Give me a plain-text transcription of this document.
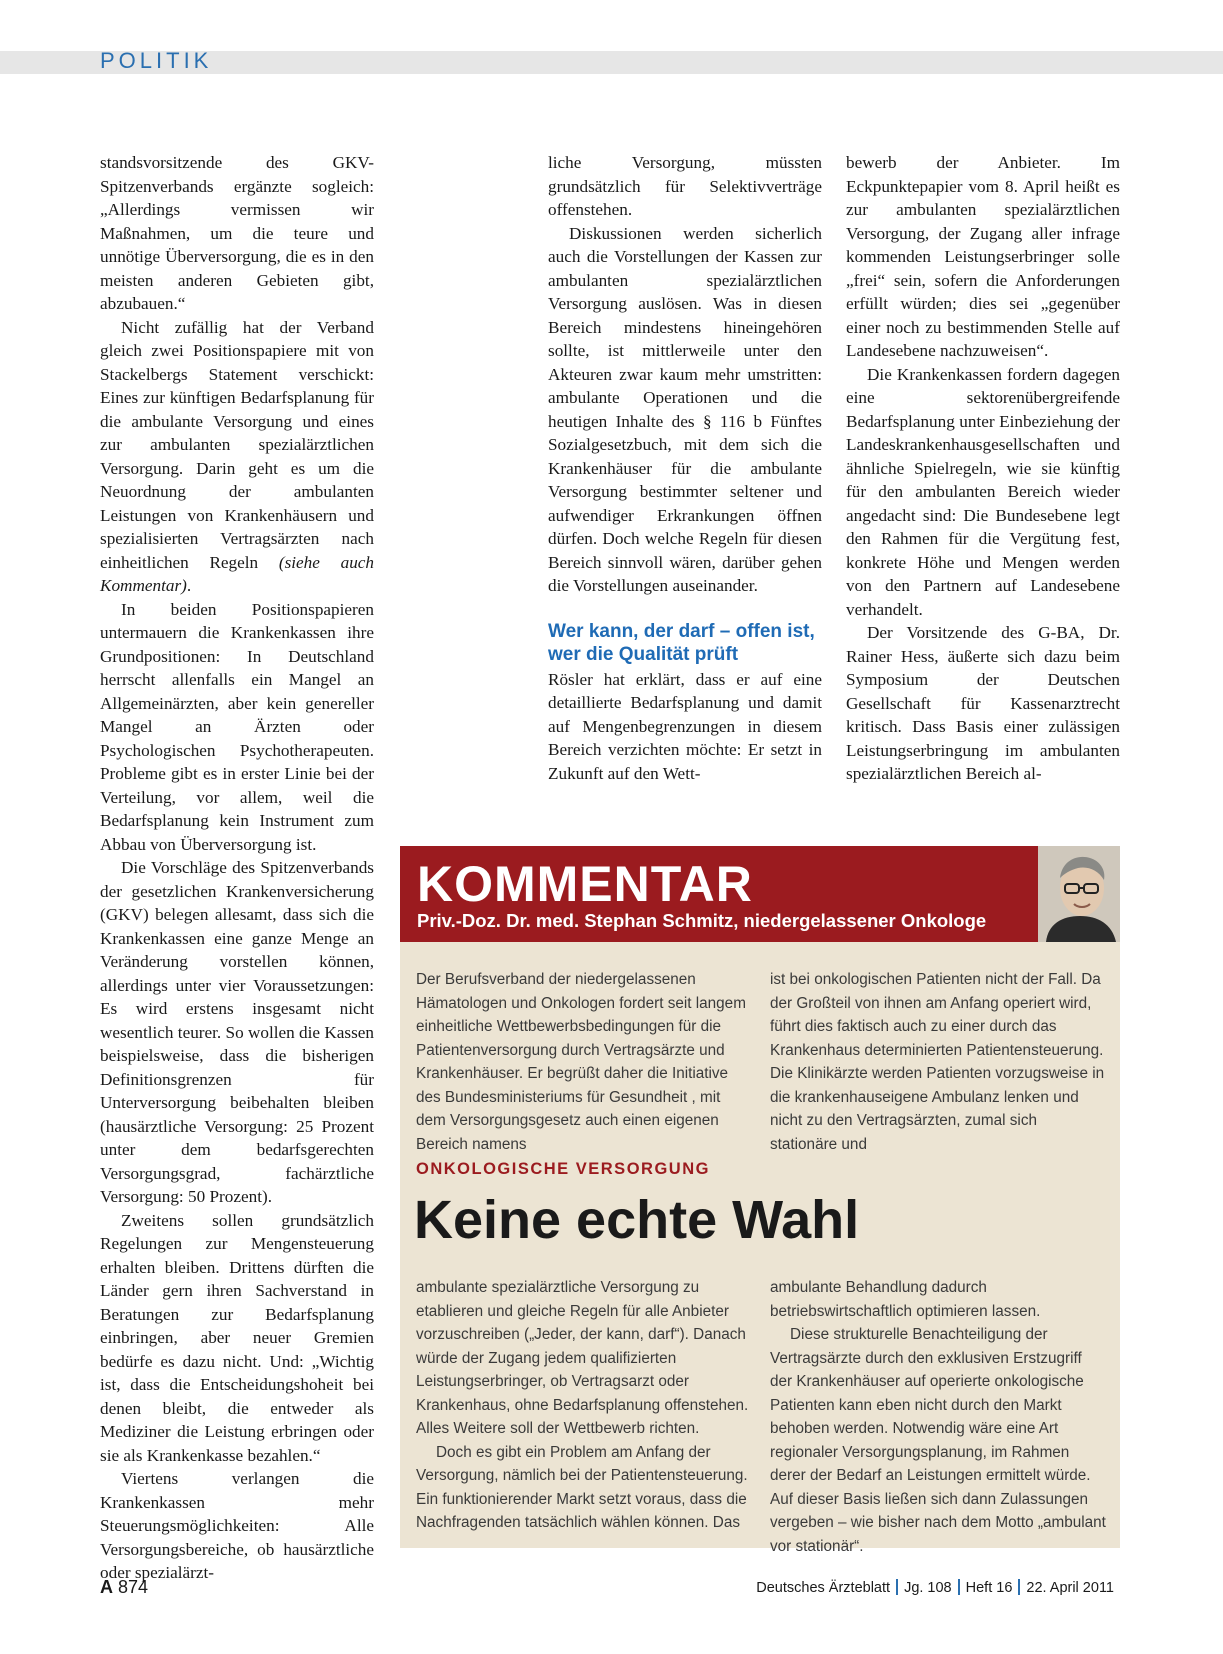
POLITIK

standsvorsitzende des GKV-Spitzenverbands ergänzte sogleich: „Allerdings vermissen wir Maßnahmen, um die teure und unnötige Überversorgung, die es in den meisten anderen Gebieten gibt, abzubauen.“

Nicht zufällig hat der Verband gleich zwei Positionspapiere mit von Stackelbergs Statement verschickt: Eines zur künftigen Bedarfsplanung für die ambulante Versorgung und eines zur ambulanten spezialärztlichen Versorgung. Darin geht es um die Neuordnung der ambulanten Leistungen von Krankenhäusern und spezialisierten Vertragsärzten nach einheitlichen Regeln (siehe auch Kommentar).

In beiden Positionspapieren untermauern die Krankenkassen ihre Grundpositionen: In Deutschland herrscht allenfalls ein Mangel an Allgemeinärzten, aber kein genereller Mangel an Ärzten oder Psychologischen Psychotherapeuten. Probleme gibt es in erster Linie bei der Verteilung, vor allem, weil die Bedarfsplanung kein Instrument zum Abbau von Überversorgung ist.

Die Vorschläge des Spitzenverbands der gesetzlichen Krankenversicherung (GKV) belegen allesamt, dass sich die Krankenkassen eine ganze Menge an Veränderung vorstellen können, allerdings unter vier Voraussetzungen: Es wird erstens insgesamt nicht wesentlich teurer. So wollen die Kassen beispielsweise, dass die bisherigen Definitionsgrenzen für Unterversorgung beibehalten bleiben (hausärztliche Versorgung: 25 Prozent unter dem bedarfsgerechten Versorgungsgrad, fachärztliche Versorgung: 50 Prozent).

Zweitens sollen grundsätzlich Regelungen zur Mengensteuerung erhalten bleiben. Drittens dürften die Länder gern ihren Sachverstand in Beratungen zur Bedarfsplanung einbringen, aber neuer Gremien bedürfe es dazu nicht. Und: „Wichtig ist, dass die Entscheidungshoheit bei denen bleibt, die entweder als Mediziner die Leistung erbringen oder sie als Krankenkasse bezahlen.“

Viertens verlangen die Krankenkassen mehr Steuerungsmöglichkeiten: Alle Versorgungsbereiche, ob hausärztliche oder spezialärzt-

liche Versorgung, müssten grundsätzlich für Selektivverträge offenstehen.

Diskussionen werden sicherlich auch die Vorstellungen der Kassen zur ambulanten spezialärztlichen Versorgung auslösen. Was in diesen Bereich mindestens hineingehören sollte, ist mittlerweile unter den Akteuren zwar kaum mehr umstritten: ambulante Operationen und die heutigen Inhalte des § 116 b Fünftes Sozialgesetzbuch, mit dem sich die Krankenhäuser für die ambulante Versorgung bestimmter seltener und aufwendiger Erkrankungen öffnen dürfen. Doch welche Regeln für diesen Bereich sinnvoll wären, darüber gehen die Vorstellungen auseinander.

Wer kann, der darf – offen ist, wer die Qualität prüft

Rösler hat erklärt, dass er auf eine detaillierte Bedarfsplanung und damit auf Mengenbegrenzungen in diesem Bereich verzichten möchte: Er setzt in Zukunft auf den Wett-

bewerb der Anbieter. Im Eckpunktepapier vom 8. April heißt es zur ambulanten spezialärztlichen Versorgung, der Zugang aller infrage kommenden Leistungserbringer solle „frei“ sein, sofern die Anforderungen erfüllt würden; dies sei „gegenüber einer noch zu bestimmenden Stelle auf Landesebene nachzuweisen“.

Die Krankenkassen fordern dagegen eine sektorenübergreifende Bedarfsplanung unter Einbeziehung der Landeskrankenhausgesellschaften und ähnliche Spielregeln, wie sie künftig für den ambulanten Bereich wieder angedacht sind: Die Bundesebene legt den Rahmen für die Vergütung fest, konkrete Höhe und Mengen werden von den Partnern auf Landesebene verhandelt.

Der Vorsitzende des G-BA, Dr. Rainer Hess, äußerte sich dazu beim Symposium der Deutschen Gesellschaft für Kassenarztrecht kritisch. Dass Basis einer zulässigen Leistungserbringung im ambulanten spezialärztlichen Bereich al-

KOMMENTAR
Priv.-Doz. Dr. med. Stephan Schmitz, niedergelassener Onkologe

Der Berufsverband der niedergelassenen Hämatologen und Onkologen fordert seit langem einheitliche Wettbewerbsbedingungen für die Patientenversorgung durch Vertragsärzte und Krankenhäuser. Er begrüßt daher die Initiative des Bundesministeriums für Gesundheit , mit dem Versorgungsgesetz auch einen eigenen Bereich namens

ist bei onkologischen Patienten nicht der Fall. Da der Großteil von ihnen am Anfang operiert wird, führt dies faktisch auch zu einer durch das Krankenhaus determinierten Patientensteuerung. Die Klinikärzte werden Patienten vorzugsweise in die krankenhauseigene Ambulanz lenken und nicht zu den Vertragsärzten, zumal sich stationäre und

ONKOLOGISCHE VERSORGUNG
Keine echte Wahl

ambulante spezialärztliche Versorgung zu etablieren und gleiche Regeln für alle Anbieter vorzuschreiben („Jeder, der kann, darf“). Danach würde der Zugang jedem qualifizierten Leistungserbringer, ob Vertragsarzt oder Krankenhaus, ohne Bedarfsplanung offenstehen. Alles Weitere soll der Wettbewerb richten.

Doch es gibt ein Problem am Anfang der Versorgung, nämlich bei der Patientensteuerung. Ein funktionierender Markt setzt voraus, dass die Nachfragenden tatsächlich wählen können. Das

ambulante Behandlung dadurch betriebswirtschaftlich optimieren lassen.

Diese strukturelle Benachteiligung der Vertragsärzte durch den exklusiven Erstzugriff der Krankenhäuser auf operierte onkologische Patienten kann eben nicht durch den Markt behoben werden. Notwendig wäre eine Art regionaler Versorgungsplanung, im Rahmen derer der Bedarf an Leistungen ermittelt würde. Auf dieser Basis ließen sich dann Zulassungen vergeben – wie bisher nach dem Motto „ambulant vor stationär“.

A 874	Deutsches Ärzteblatt Jg. 108 Heft 16 22. April 2011
